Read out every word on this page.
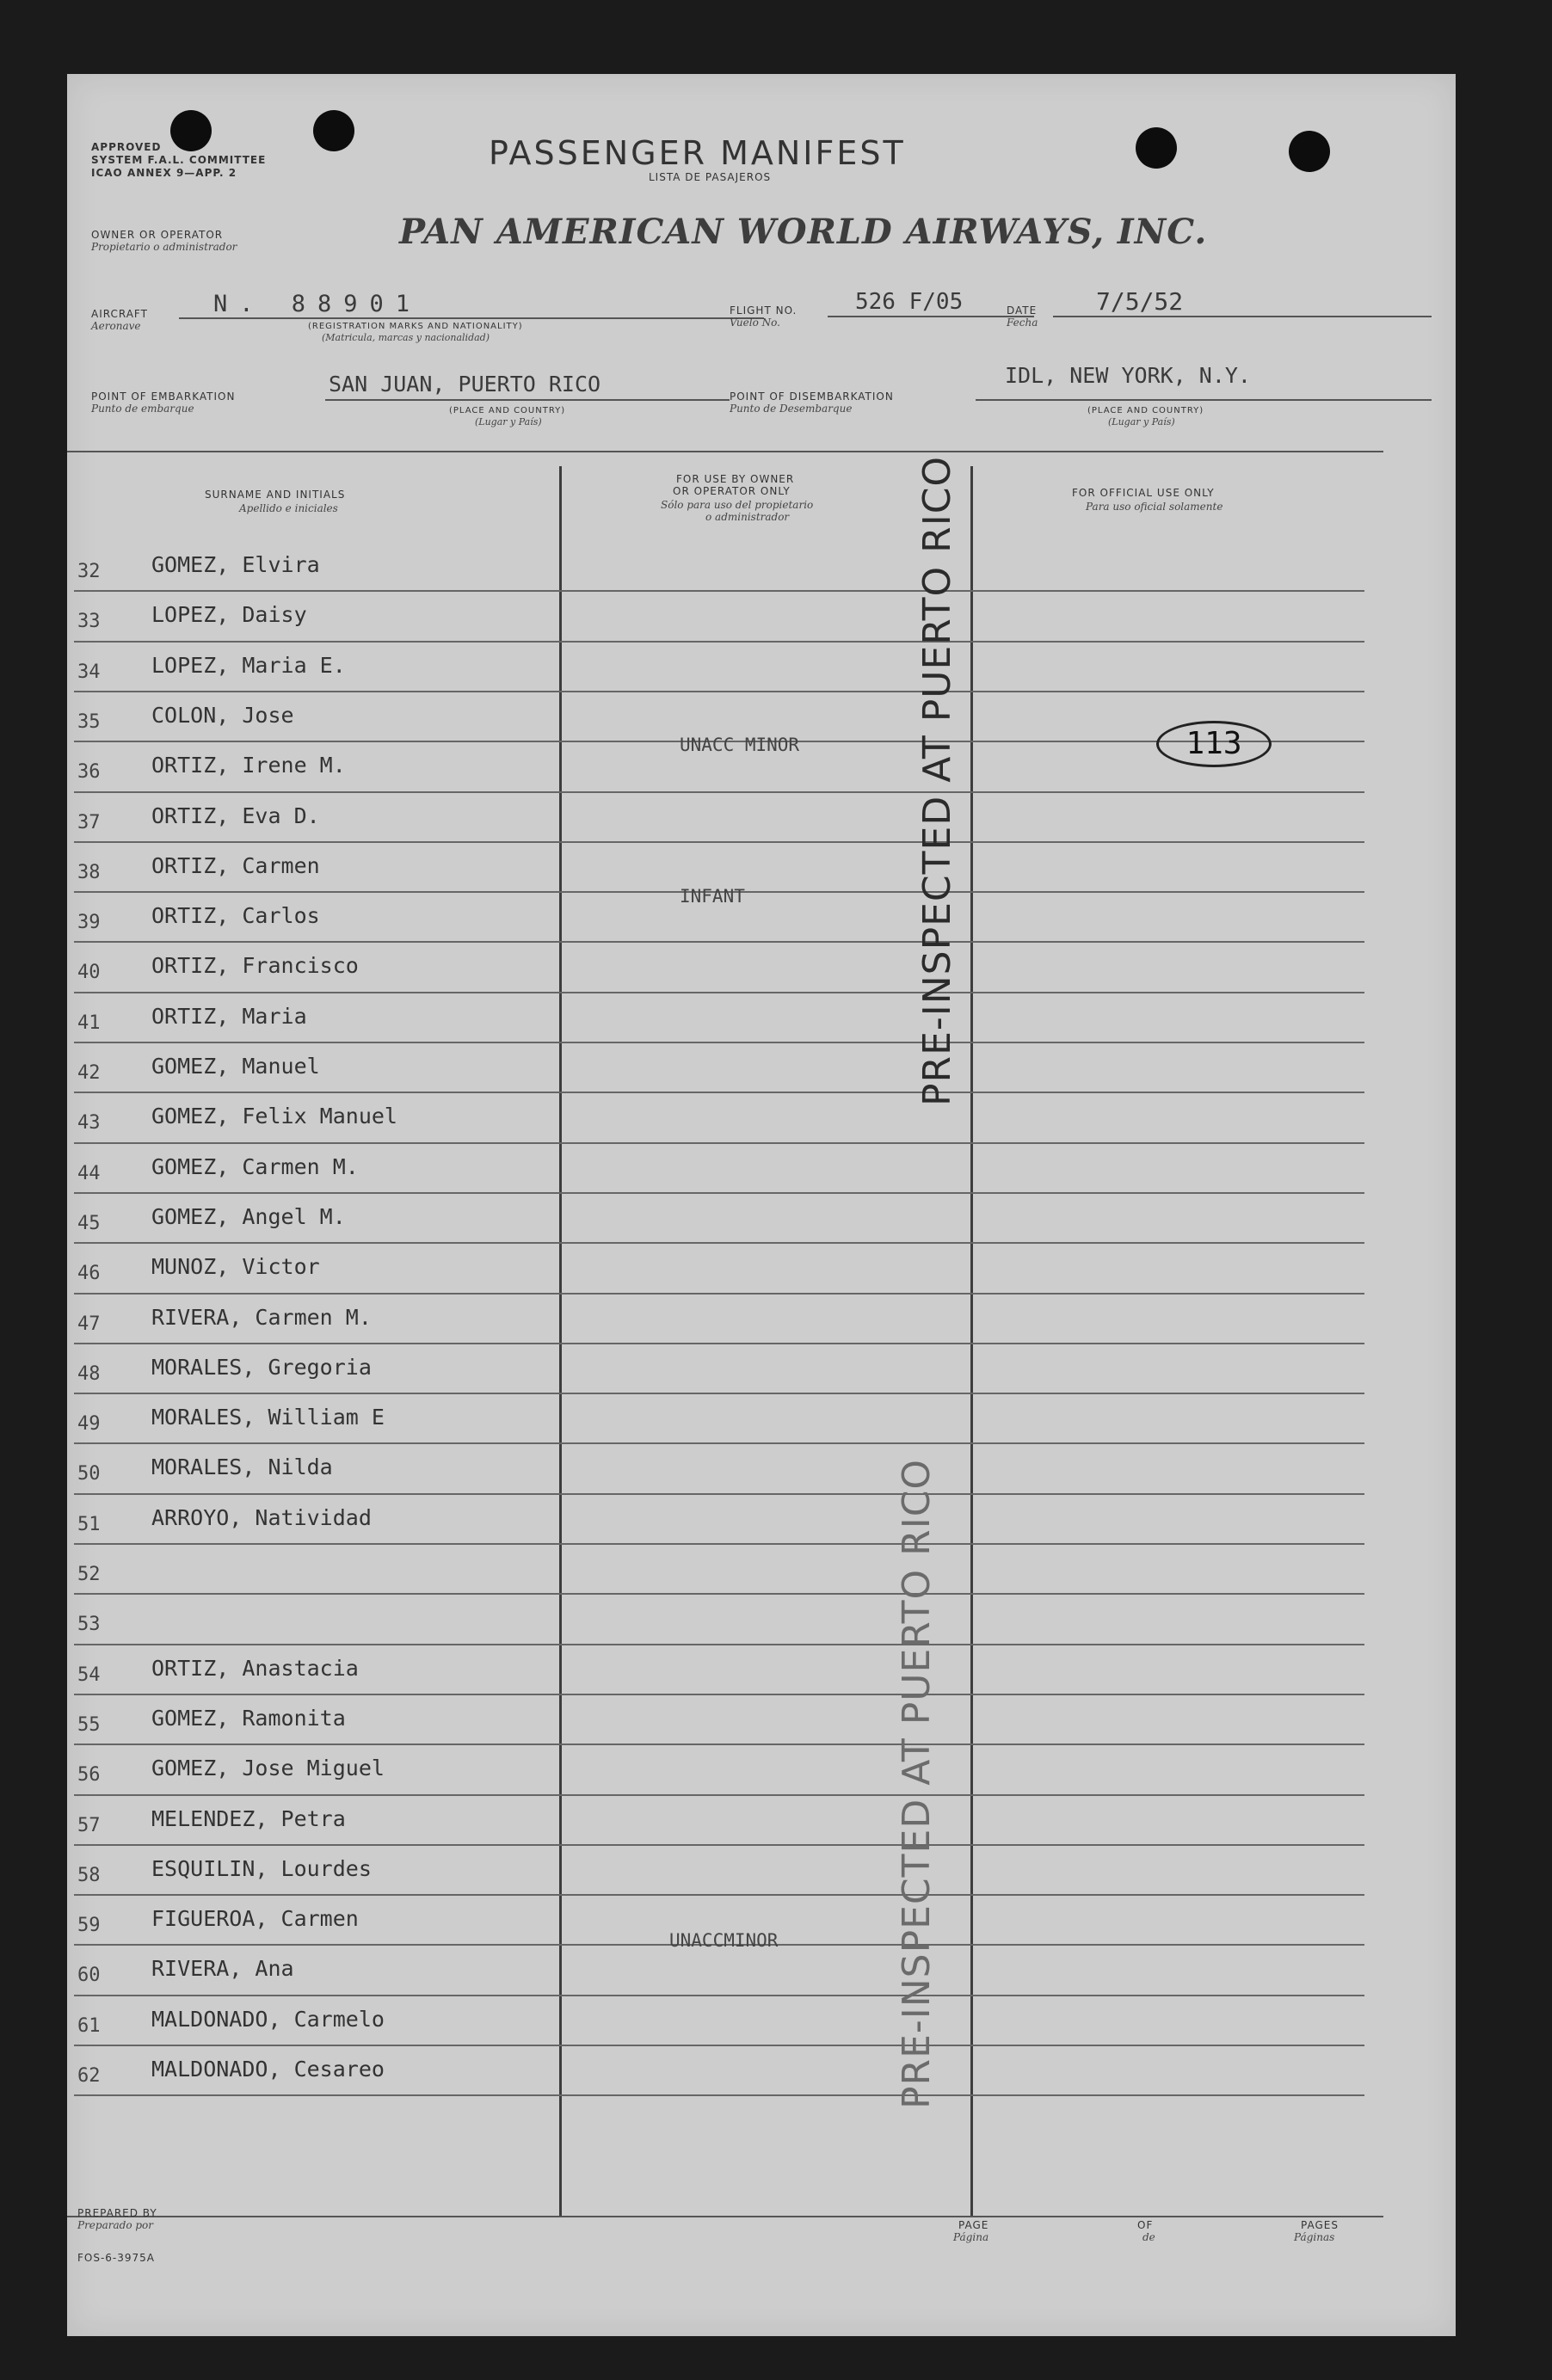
APPROVED
SYSTEM F.A.L. COMMITTEE
ICAO ANNEX 9—APP. 2
PASSENGER MANIFEST
LISTA DE PASAJEROS
OWNER OR OPERATOR
Propietario o administrador	PAN AMERICAN WORLD AIRWAYS, INC.
AIRCRAFT
Aeronave
N. 88901
(REGISTRATION MARKS AND NATIONALITY)
(Matricula, marcas y nacionalidad)
FLIGHT NO.
Vuelo No.
526 F/05	DATE
Fecha
7/5/52
POINT OF EMBARKATION
Punto de embarque
SAN JUAN, PUERTO RICO
(PLACE AND COUNTRY)
(Lugar y País)
POINT OF DISEMBARKATION
Punto de Desembarque
IDL, NEW YORK, N.Y.
(PLACE AND COUNTRY)
(Lugar y País)
SURNAME AND INITIALS
Apellido e iniciales
FOR USE BY OWNER
OR OPERATOR ONLY
Sólo para uso del propietario
o administrador
FOR OFFICIAL USE ONLY
Para uso oficial solamente
32 GOMEZ, Elvira
33 LOPEZ, Daisy
34 LOPEZ, Maria E.
35 COLON, Jose
36 ORTIZ, Irene M.
37 ORTIZ, Eva D.
38 ORTIZ, Carmen
39 ORTIZ, Carlos
40 ORTIZ, Francisco
41 ORTIZ, Maria
42 GOMEZ, Manuel
43 GOMEZ, Felix Manuel
44 GOMEZ, Carmen M.
45 GOMEZ, Angel M.
46 MUNOZ, Victor
47 RIVERA, Carmen M.
48 MORALES, Gregoria
49 MORALES, William E
50 MORALES, Nilda
51 ARROYO, Natividad
52
53
54 ORTIZ, Anastacia
55 GOMEZ, Ramonita
56 GOMEZ, Jose Miguel
57 MELENDEZ, Petra
58 ESQUILIN, Lourdes
59 FIGUEROA, Carmen
60 RIVERA, Ana
61 MALDONADO, Carmelo
62 MALDONADO, Cesareo
UNACC MINOR
INFANT
UNACCMINOR
113
PRE-INSPECTED AT PUERTO RICO
PRE-INSPECTED AT PUERTO RICO
PREPARED BY
Preparado por
FOS-6-3975A
PAGE
Página
OF
de
PAGES
Páginas
